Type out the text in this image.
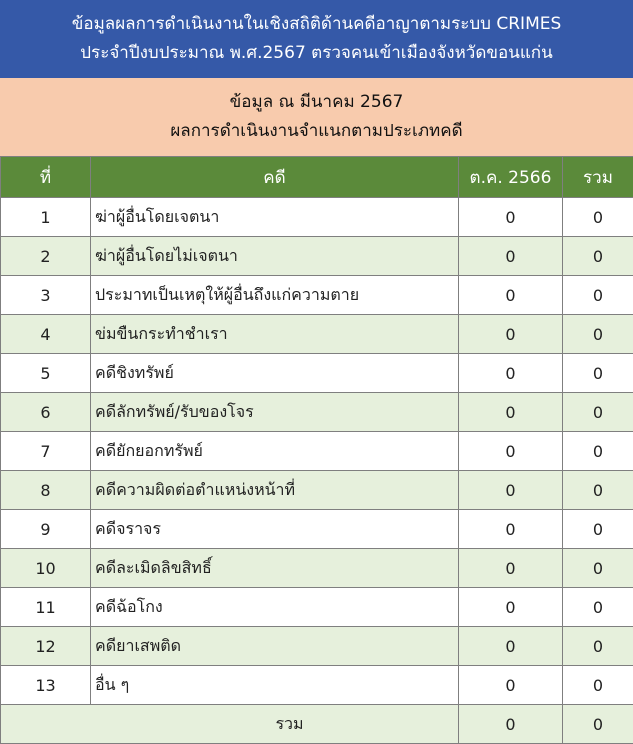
ข้อมูลผลการดำเนินงานในเชิงสถิติด้านคดีอาญาตามระบบ CRIMES
ประจำปีงบประมาณ พ.ศ.2567 ตรวจคนเข้าเมืองจังหวัดขอนแก่น
ข้อมูล ณ มีนาคม 2567
ผลการดำเนินงานจำแนกตามประเภทคดี
ที่	คดี	ต.ค. 2566	รวม
1	ฆ่าผู้อื่นโดยเจตนา	0	0
2	ฆ่าผู้อื่นโดยไม่เจตนา	0	0
3	ประมาทเป็นเหตุให้ผู้อื่นถึงแก่ความตาย	0	0
4	ข่มขืนกระทำชำเรา	0	0
5	คดีชิงทรัพย์	0	0
6	คดีลักทรัพย์/รับของโจร	0	0
7	คดียักยอกทรัพย์	0	0
8	คดีความผิดต่อตำแหน่งหน้าที่	0	0
9	คดีจราจร	0	0
10	คดีละเมิดลิขสิทธิ์	0	0
11	คดีฉ้อโกง	0	0
12	คดียาเสพติด	0	0
13	อื่น ๆ	0	0
รวม		0	0
